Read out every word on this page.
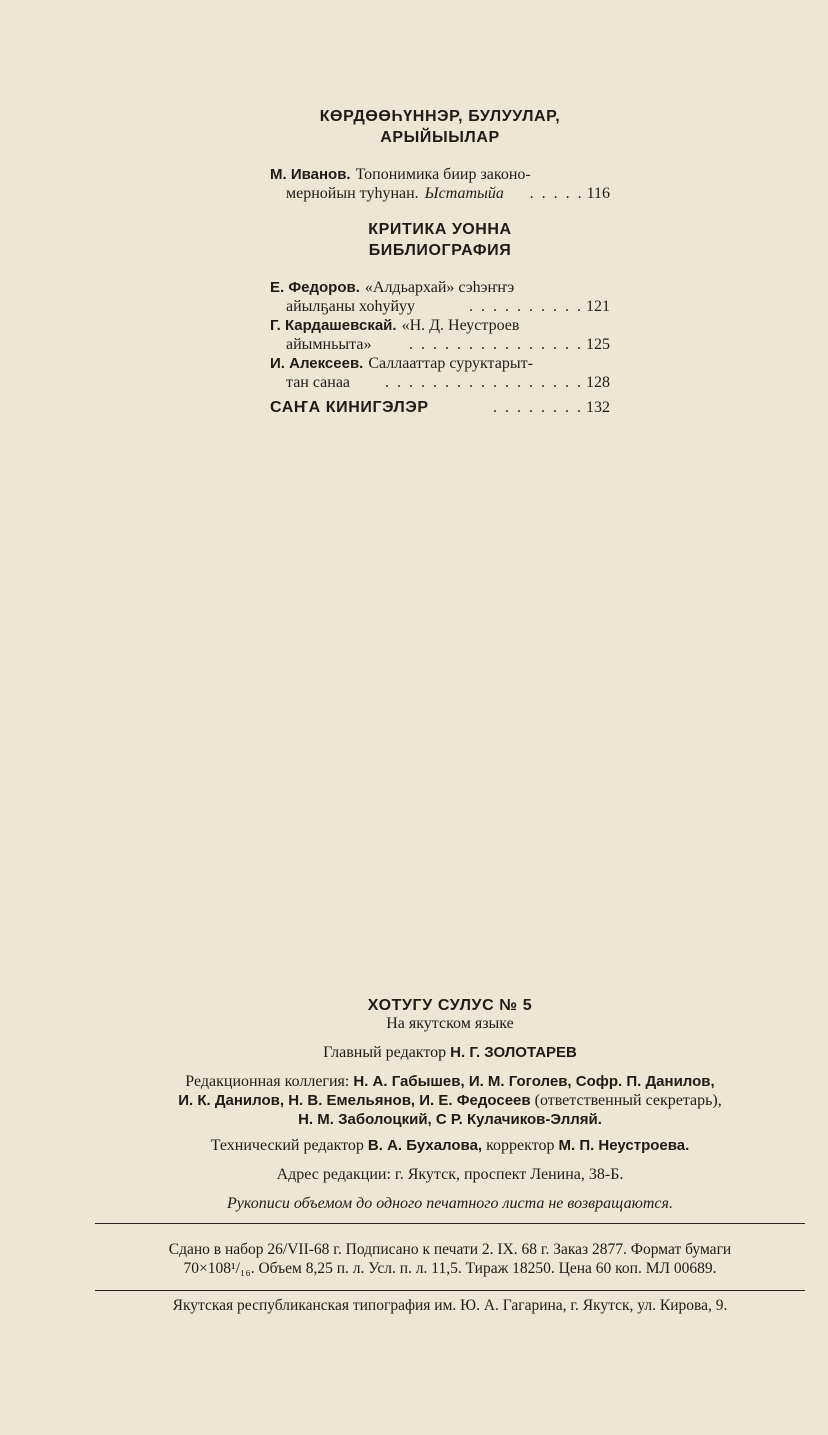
КӨРДӨӨҺҮННЭР, БУЛУУЛАР,
АРЫЙЫЫЛАР
М. Иванов. Топонимика биир законо-
мернойын туһунан. Ыстатыйа	. . . . . 116
КРИТИКА УОННА
БИБЛИОГРАФИЯ
Е. Федоров. «Алдьархай» сэһэҥҥэ
айылҕаны хоһуйуу	. . . . . . . . . . 121
Г. Кардашевскай. «Н. Д. Неустроев
айымньыта»	. . . . . . . . . . . . . . . 125
И. Алексеев. Саллааттар суруктарыт-
тан санаа	. . . . . . . . . . . . . . . . . 128
САҤА КИНИГЭЛЭР	. . . . . . . . 132
ХОТУГУ СУЛУС № 5
На якутском языке
Главный редактор Н. Г. ЗОЛОТАРЕВ
Редакционная коллегия: Н. А. Габышев, И. М. Гоголев, Софр. П. Данилов,
И. К. Данилов, Н. В. Емельянов, И. Е. Федосеев (ответственный секретарь),
Н. М. Заболоцкий, С Р. Кулачиков-Элляй.
Технический редактор В. А. Бухалова, корректор М. П. Неустроева.
Адрес редакции: г. Якутск, проспект Ленина, 38-Б.
Рукописи объемом до одного печатного листа не возвращаются.
Сдано в набор 26/VII-68 г. Подписано к печати 2. IX. 68 г. Заказ 2877. Формат бумаги
70×108¹/₁₆. Объем 8,25 п. л. Усл. п. л. 11,5. Тираж 18250. Цена 60 коп. МЛ 00689.
Якутская республиканская типография им. Ю. А. Гагарина, г. Якутск, ул. Кирова, 9.
